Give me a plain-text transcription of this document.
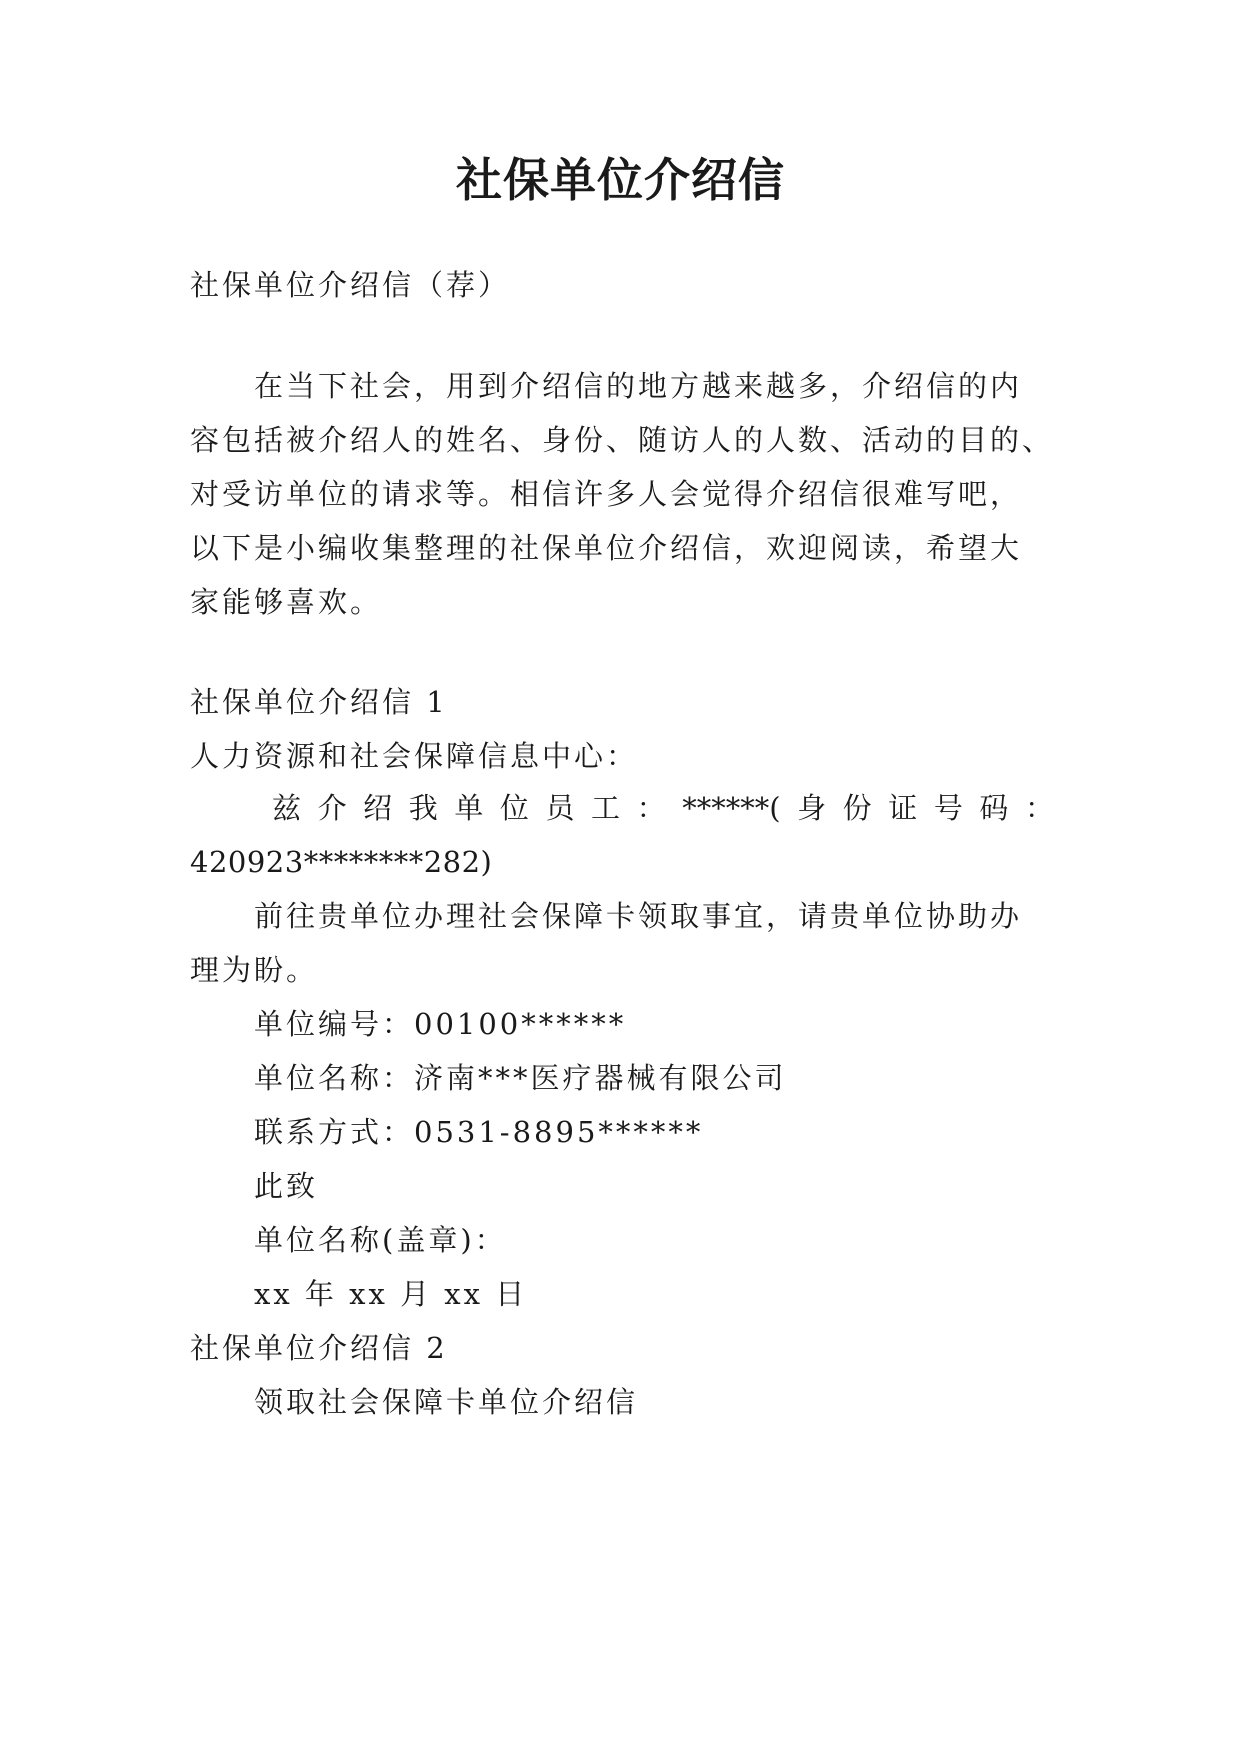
社保单位介绍信
社保单位介绍信（荐）
在当下社会，用到介绍信的地方越来越多，介绍信的内
容包括被介绍人的姓名、身份、随访人的人数、活动的目的、
对受访单位的请求等。相信许多人会觉得介绍信很难写吧，
以下是小编收集整理的社保单位介绍信，欢迎阅读，希望大
家能够喜欢。
社保单位介绍信 1
人力资源和社会保障信息中心：
兹 介 绍 我 单 位 员 工 ： ******( 身 份 证 号 码 ：
420923********282)
前往贵单位办理社会保障卡领取事宜，请贵单位协助办
理为盼。
单位编号：00100******
单位名称：济南***医疗器械有限公司
联系方式：0531-8895******
此致
单位名称(盖章)：
xx 年 xx 月 xx 日
社保单位介绍信 2
领取社会保障卡单位介绍信
